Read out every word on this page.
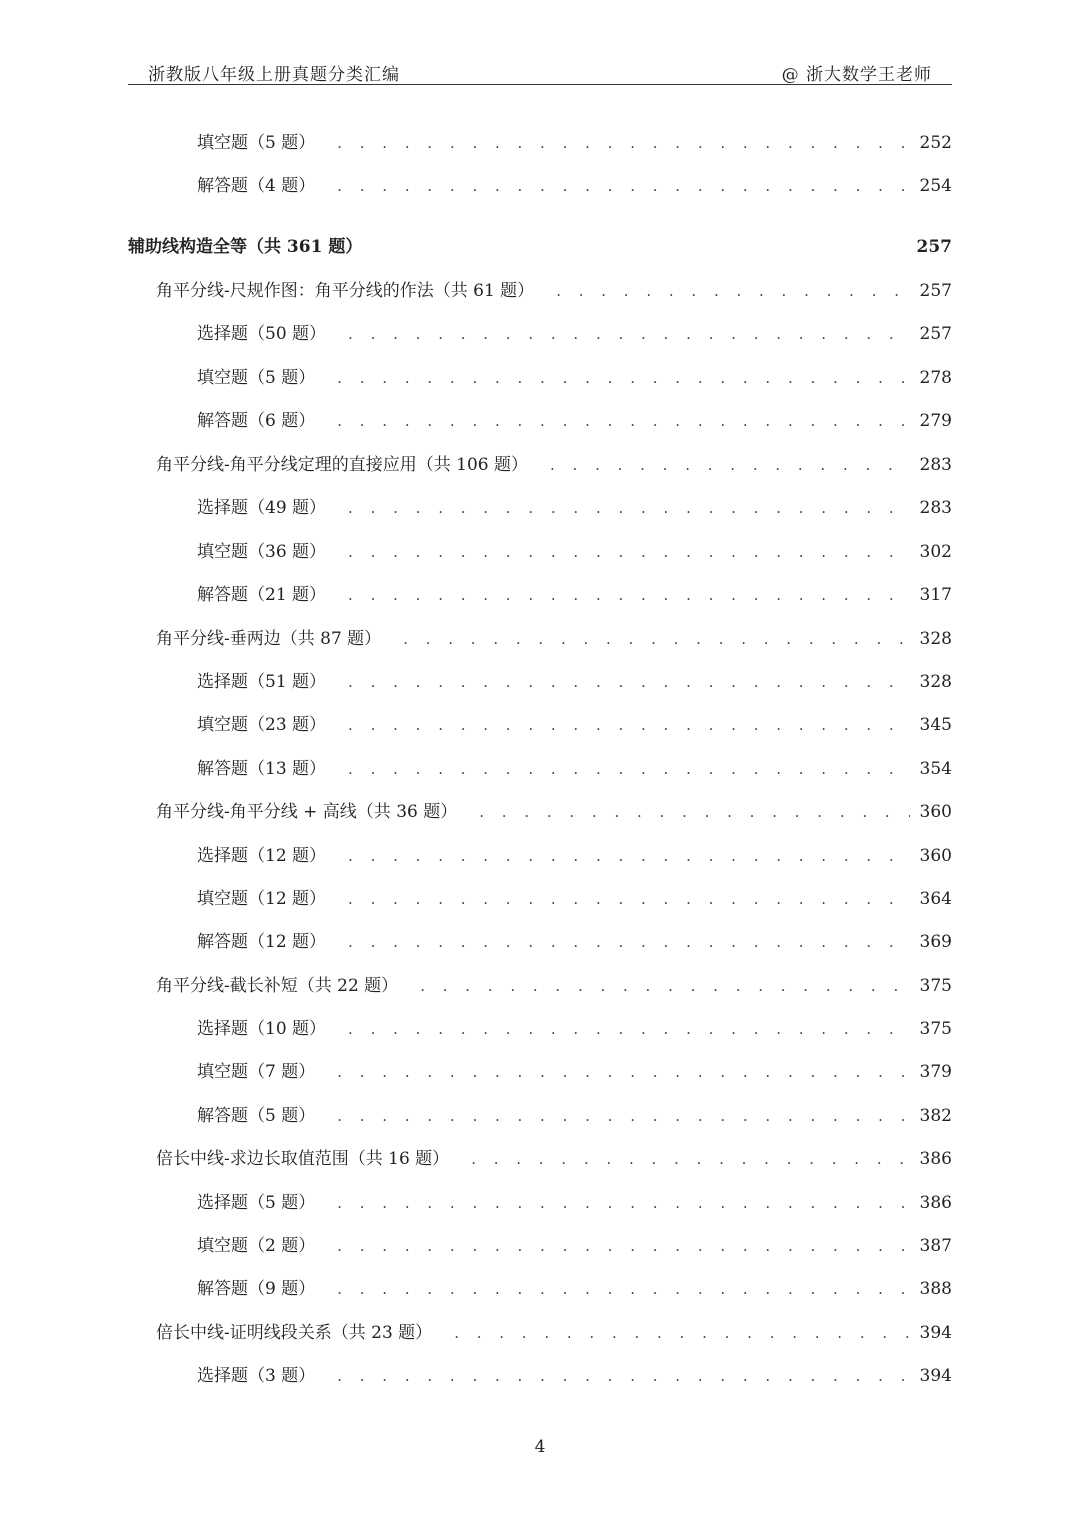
浙教版八年级上册真题分类汇编	@ 浙大数学王老师
填空题（5 题） . . .	252
解答题（4 题） . . .	254
辅助线构造全等（共 361 题）	257
角平分线-尺规作图：角平分线的作法（共 61 题） . . .	257
选择题（50 题） . . .	257
填空题（5 题） . . .	278
解答题（6 题） . . .	279
角平分线-角平分线定理的直接应用（共 106 题） . . .	283
选择题（49 题） . . .	283
填空题（36 题） . . .	302
解答题（21 题） . . .	317
角平分线-垂两边（共 87 题） . . .	328
选择题（51 题） . . .	328
填空题（23 题） . . .	345
解答题（13 题） . . .	354
角平分线-角平分线 + 高线（共 36 题） . . .	360
选择题（12 题） . . .	360
填空题（12 题） . . .	364
解答题（12 题） . . .	369
角平分线-截长补短（共 22 题） . . .	375
选择题（10 题） . . .	375
填空题（7 题） . . .	379
解答题（5 题） . . .	382
倍长中线-求边长取值范围（共 16 题） . . .	386
选择题（5 题） . . .	386
填空题（2 题） . . .	387
解答题（9 题） . . .	388
倍长中线-证明线段关系（共 23 题） . . .	394
选择题（3 题） . . .	394
4
